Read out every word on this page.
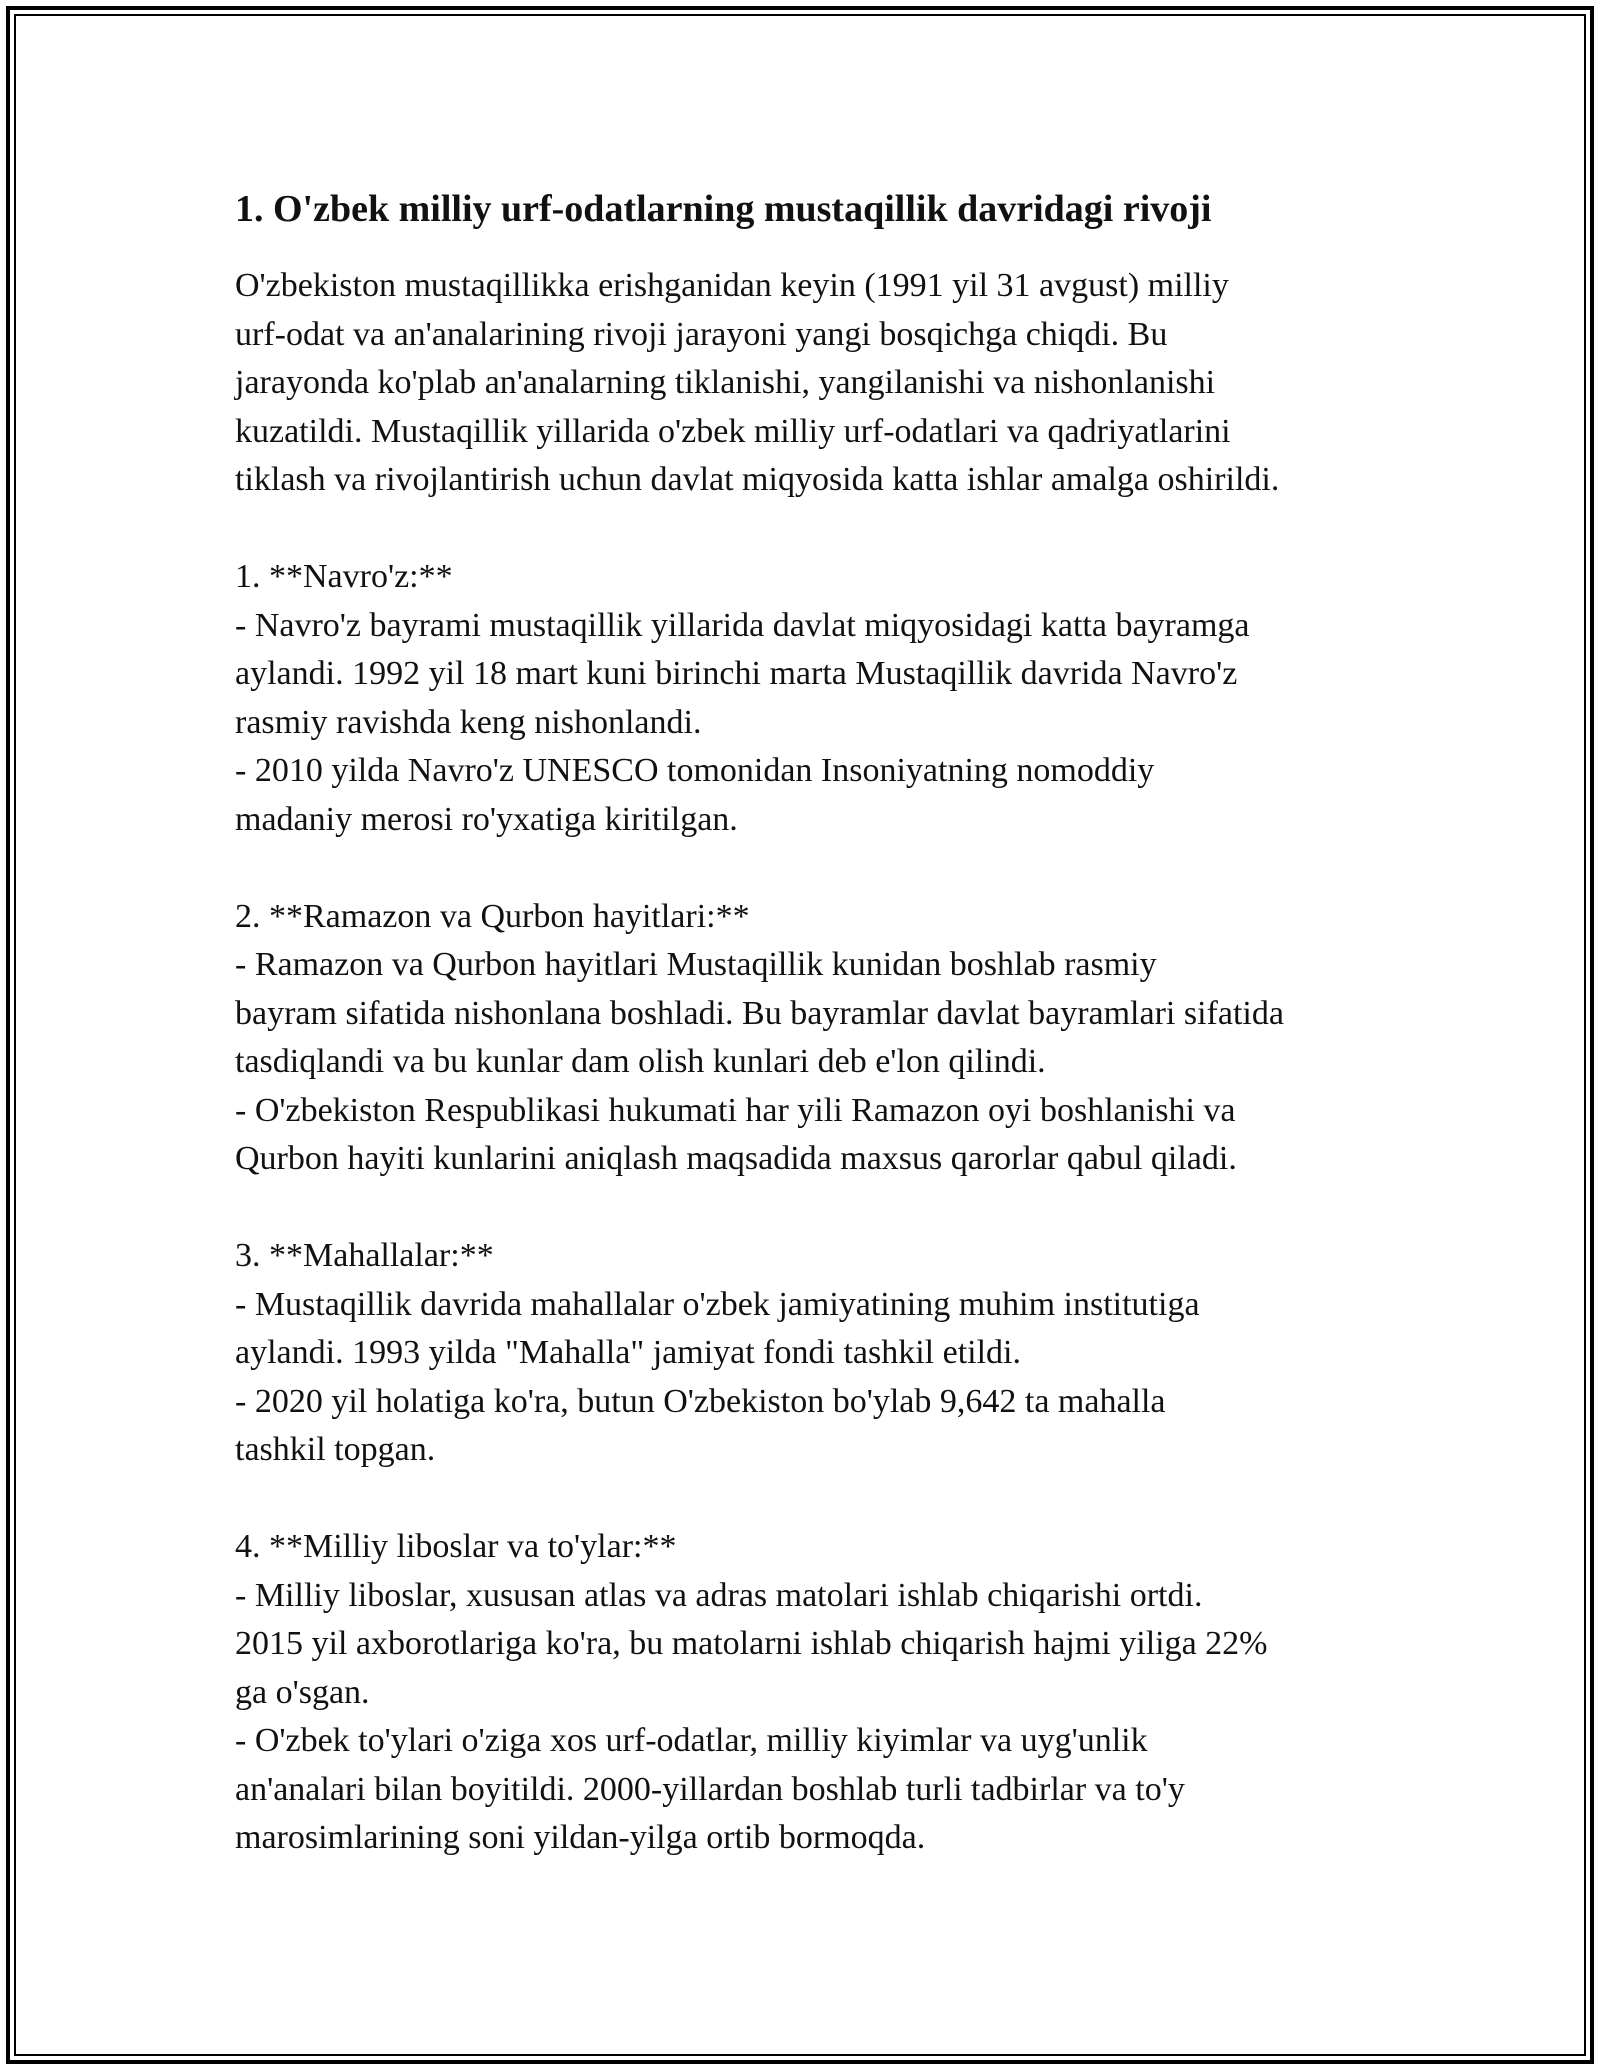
1. O'zbek milliy urf-odatlarning mustaqillik davridagi rivoji

O'zbekiston mustaqillikka erishganidan keyin (1991 yil 31 avgust) milliy
urf-odat va an'analarining rivoji jarayoni yangi bosqichga chiqdi. Bu
jarayonda ko'plab an'analarning tiklanishi, yangilanishi va nishonlanishi
kuzatildi. Mustaqillik yillarida o'zbek milliy urf-odatlari va qadriyatlarini
tiklash va rivojlantirish uchun davlat miqyosida katta ishlar amalga oshirildi.

1. **Navro'z:**

- Navro'z bayrami mustaqillik yillarida davlat miqyosidagi katta bayramga
aylandi. 1992 yil 18 mart kuni birinchi marta Mustaqillik davrida Navro'z
rasmiy ravishda keng nishonlandi.

- 2010 yilda Navro'z UNESCO tomonidan Insoniyatning nomoddiy
madaniy merosi ro'yxatiga kiritilgan.

2. **Ramazon va Qurbon hayitlari:**

- Ramazon va Qurbon hayitlari Mustaqillik kunidan boshlab rasmiy
bayram sifatida nishonlana boshladi. Bu bayramlar davlat bayramlari sifatida
tasdiqlandi va bu kunlar dam olish kunlari deb e'lon qilindi.

- O'zbekiston Respublikasi hukumati har yili Ramazon oyi boshlanishi va
Qurbon hayiti kunlarini aniqlash maqsadida maxsus qarorlar qabul qiladi.

3. **Mahallalar:**

- Mustaqillik davrida mahallalar o'zbek jamiyatining muhim institutiga
aylandi. 1993 yilda "Mahalla" jamiyat fondi tashkil etildi.

- 2020 yil holatiga ko'ra, butun O'zbekiston bo'ylab 9,642 ta mahalla
tashkil topgan.

4. **Milliy liboslar va to'ylar:**

- Milliy liboslar, xususan atlas va adras matolari ishlab chiqarishi ortdi.
2015 yil axborotlariga ko'ra, bu matolarni ishlab chiqarish hajmi yiliga 22%
ga o'sgan.

- O'zbek to'ylari o'ziga xos urf-odatlar, milliy kiyimlar va uyg'unlik
an'analari bilan boyitildi. 2000-yillardan boshlab turli tadbirlar va to'y
marosimlarining soni yildan-yilga ortib bormoqda.
